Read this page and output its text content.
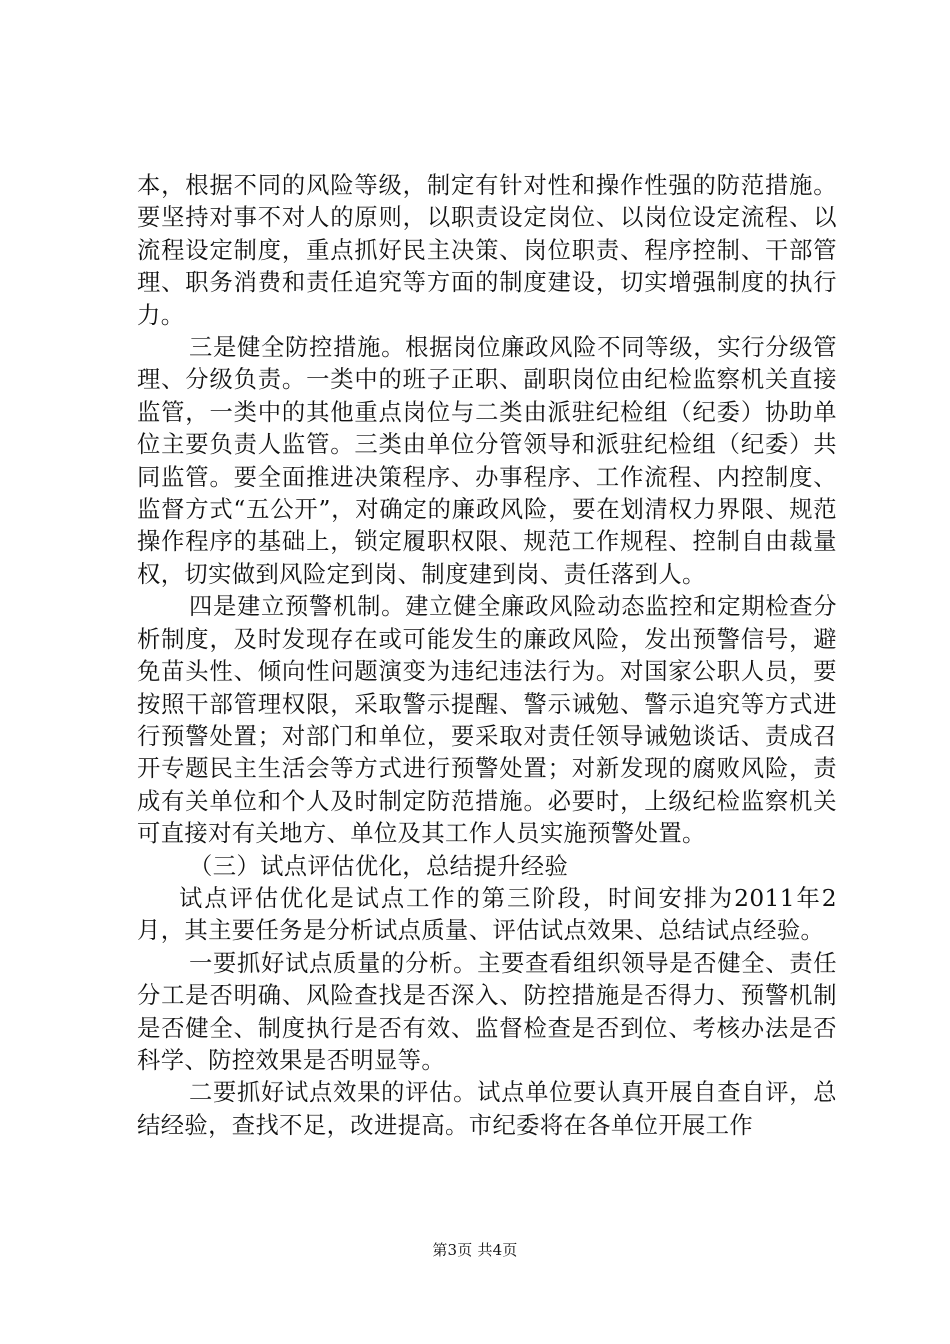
本，根据不同的风险等级，制定有针对性和操作性强的防范措施。要坚持对事不对人的原则，以职责设定岗位、以岗位设定流程、以流程设定制度，重点抓好民主决策、岗位职责、程序控制、干部管理、职务消费和责任追究等方面的制度建设，切实增强制度的执行力。

三是健全防控措施。根据岗位廉政风险不同等级，实行分级管理、分级负责。一类中的班子正职、副职岗位由纪检监察机关直接监管，一类中的其他重点岗位与二类由派驻纪检组（纪委）协助单位主要负责人监管。三类由单位分管领导和派驻纪检组（纪委）共同监管。要全面推进决策程序、办事程序、工作流程、内控制度、监督方式“五公开”，对确定的廉政风险，要在划清权力界限、规范操作程序的基础上，锁定履职权限、规范工作规程、控制自由裁量权，切实做到风险定到岗、制度建到岗、责任落到人。

四是建立预警机制。建立健全廉政风险动态监控和定期检查分析制度，及时发现存在或可能发生的廉政风险，发出预警信号，避免苗头性、倾向性问题演变为违纪违法行为。对国家公职人员，要按照干部管理权限，采取警示提醒、警示诫勉、警示追究等方式进行预警处置；对部门和单位，要采取对责任领导诫勉谈话、责成召开专题民主生活会等方式进行预警处置；对新发现的腐败风险，责成有关单位和个人及时制定防范措施。必要时，上级纪检监察机关可直接对有关地方、单位及其工作人员实施预警处置。

（三）试点评估优化，总结提升经验

试点评估优化是试点工作的第三阶段，时间安排为2011年2月，其主要任务是分析试点质量、评估试点效果、总结试点经验。

一要抓好试点质量的分析。主要查看组织领导是否健全、责任分工是否明确、风险查找是否深入、防控措施是否得力、预警机制是否健全、制度执行是否有效、监督检查是否到位、考核办法是否科学、防控效果是否明显等。

二要抓好试点效果的评估。试点单位要认真开展自查自评，总结经验，查找不足，改进提高。市纪委将在各单位开展工作

第3页 共4页
